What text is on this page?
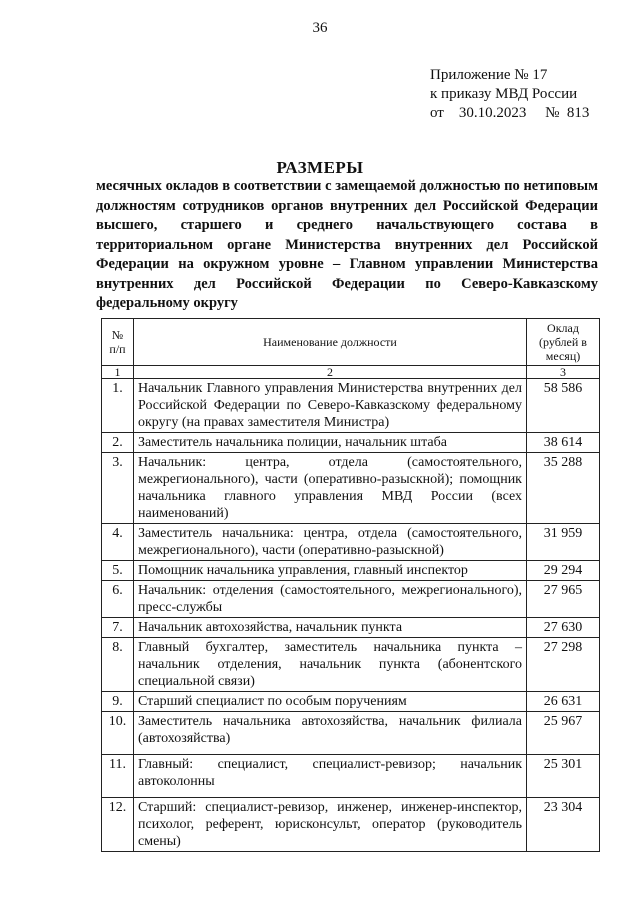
36
Приложение № 17
к приказу МВД России
от 30.10.2023 № 813
РАЗМЕРЫ
месячных окладов в соответствии с замещаемой должностью по нетиповым должностям сотрудников органов внутренних дел Российской Федерации высшего, старшего и среднего начальствующего состава в территориальном органе Министерства внутренних дел Российской Федерации на окружном уровне – Главном управлении Министерства внутренних дел Российской Федерации по Северо-Кавказскому федеральному округу
№ п/п	Наименование должности	Оклад (рублей в месяц)
1	2	3
1.	Начальник Главного управления Министерства внутренних дел Российской Федерации по Северо-Кавказскому федеральному округу (на правах заместителя Министра)	58 586
2.	Заместитель начальника полиции, начальник штаба	38 614
3.	Начальник: центра, отдела (самостоятельного, межрегионального), части (оперативно-разыскной); помощник начальника главного управления МВД России (всех наименований)	35 288
4.	Заместитель начальника: центра, отдела (самостоятельного, межрегионального), части (оперативно-разыскной)	31 959
5.	Помощник начальника управления, главный инспектор	29 294
6.	Начальник: отделения (самостоятельного, межрегионального), пресс-службы	27 965
7.	Начальник автохозяйства, начальник пункта	27 630
8.	Главный бухгалтер, заместитель начальника пункта – начальник отделения, начальник пункта (абонентского специальной связи)	27 298
9.	Старший специалист по особым поручениям	26 631
10.	Заместитель начальника автохозяйства, начальник филиала (автохозяйства)	25 967
11.	Главный: специалист, специалист-ревизор; начальник автоколонны	25 301
12.	Старший: специалист-ревизор, инженер, инженер-инспектор, психолог, референт, юрисконсульт, оператор (руководитель смены)	23 304
